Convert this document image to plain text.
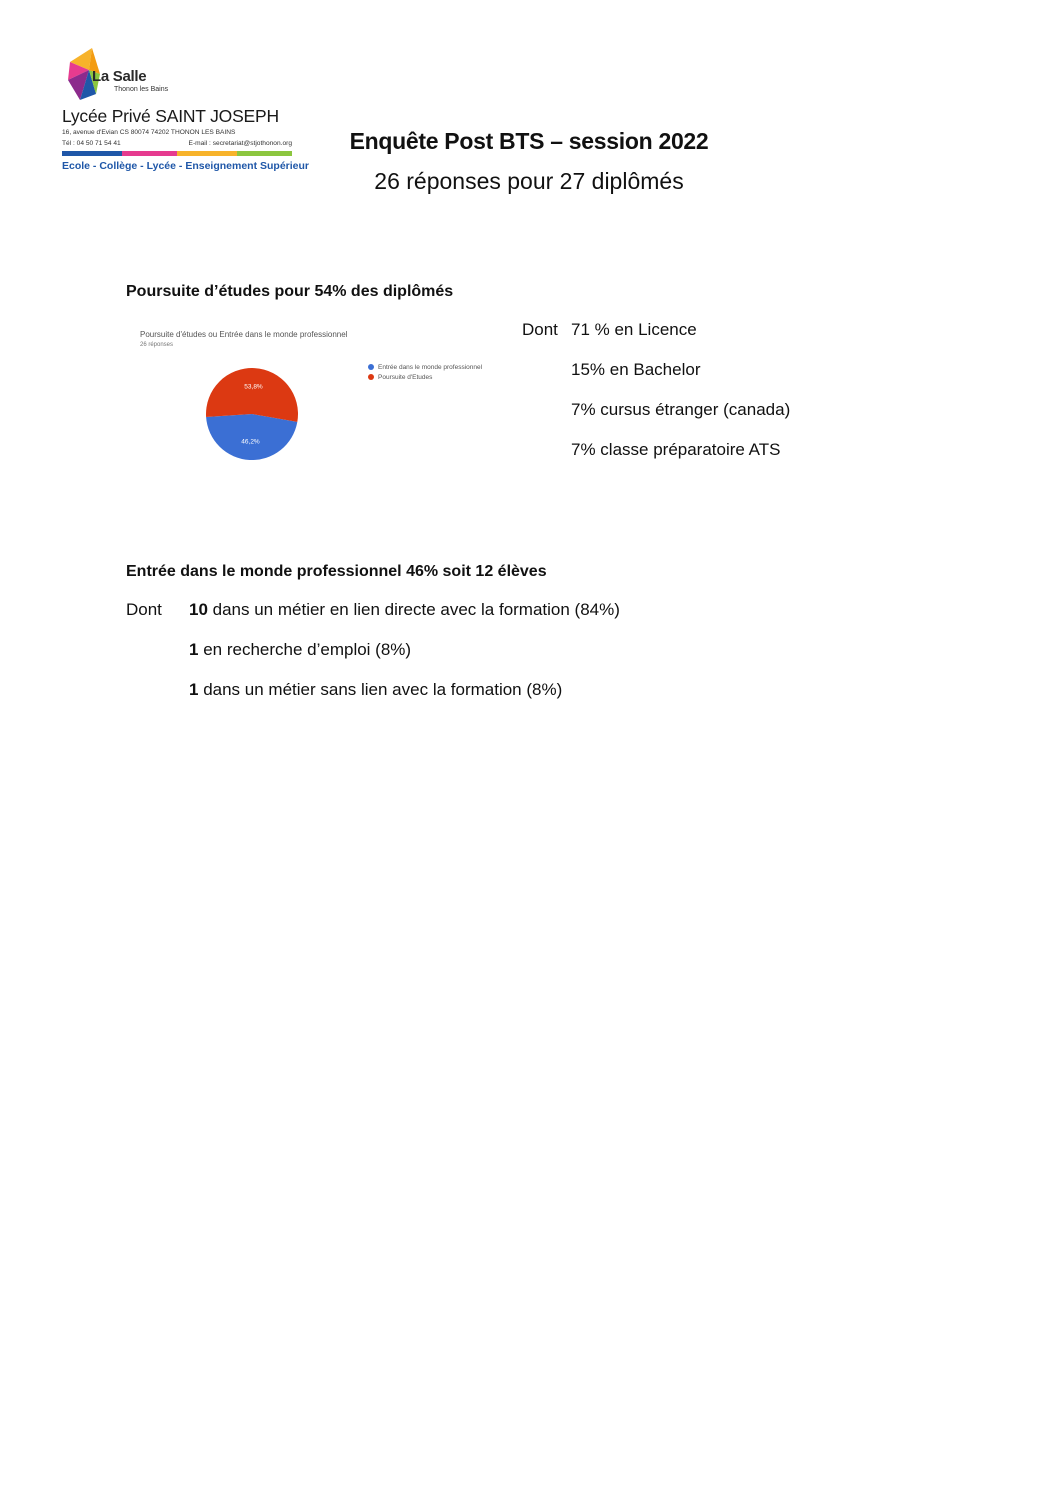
La Salle
Thonon les Bains
Lycée Privé SAINT JOSEPH
16, avenue d'Evian CS 80074 74202 THONON LES BAINS
Tél : 04 50 71 54 41	E-mail : secretariat@stjothonon.org
Ecole - Collège - Lycée - Enseignement Supérieur
Enquête Post BTS – session 2022
26 réponses pour 27 diplômés
Poursuite d’études pour 54% des diplômés
Poursuite d'études ou Entrée dans le monde professionnel
26 réponses
46,2%
53,8%
Entrée dans le monde professionnel
Poursuite d'Etudes
Dont 71 % en Licence
15% en Bachelor
7% cursus étranger (canada)
7% classe préparatoire ATS
Entrée dans le monde professionnel 46% soit 12 élèves
Dont 10 dans un métier en lien directe avec la formation (84%)
1 en recherche d’emploi (8%)
1 dans un métier sans lien avec la formation (8%)
